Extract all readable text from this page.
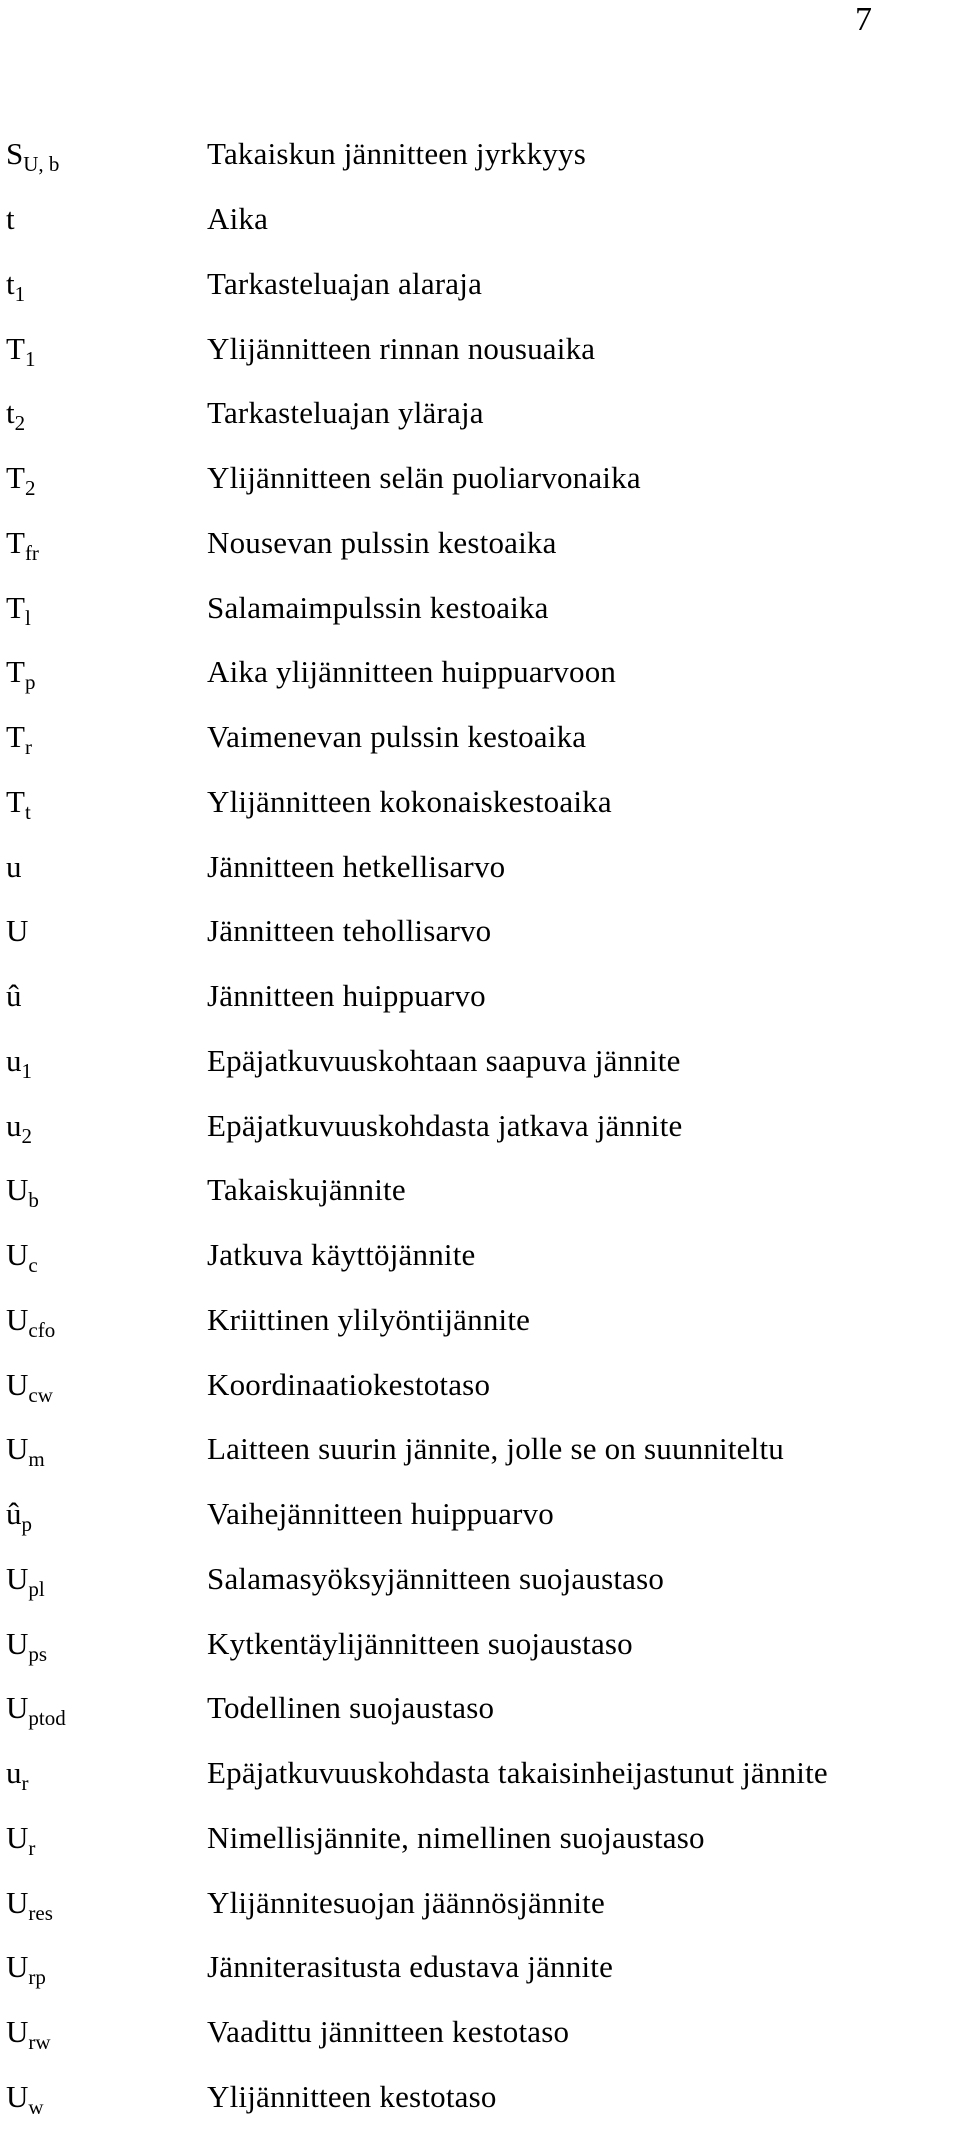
7
$S_{U, b}$	Takaiskun jännitteen jyrkkyys
t	Aika
$t_1$	Tarkasteluajan alaraja
$T_1$	Ylijännitteen rinnan nousuaika
$t_2$	Tarkasteluajan yläraja
$T_2$	Ylijännitteen selän puoliarvonaika
$T_{fr}$	Nousevan pulssin kestoaika
$T_l$	Salamaimpulssin kestoaika
$T_p$	Aika ylijännitteen huippuarvoon
$T_r$	Vaimenevan pulssin kestoaika
$T_t$	Ylijännitteen kokonaiskestoaika
u	Jännitteen hetkellisarvo
U	Jännitteen tehollisarvo
û	Jännitteen huippuarvo
$u_1$	Epäjatkuvuuskohtaan saapuva jännite
$u_2$	Epäjatkuvuuskohdasta jatkava jännite
$U_b$	Takaiskujännite
$U_c$	Jatkuva käyttöjännite
$U_{cfo}$	Kriittinen ylilyöntijännite
$U_{cw}$	Koordinaatiokestotaso
$U_m$	Laitteen suurin jännite, jolle se on suunniteltu
$û_p$	Vaihejännitteen huippuarvo
$U_{pl}$	Salamasyöksyjännitteen suojaustaso
$U_{ps}$	Kytkentäylijännitteen suojaustaso
$U_{ptod}$	Todellinen suojaustaso
$u_r$	Epäjatkuvuuskohdasta takaisinheijastunut jännite
$U_r$	Nimellisjännite, nimellinen suojaustaso
$U_{res}$	Ylijännitesuojan jäännösjännite
$U_{rp}$	Jänniterasitusta edustava jännite
$U_{rw}$	Vaadittu jännitteen kestotaso
$U_w$	Ylijännitteen kestotaso
